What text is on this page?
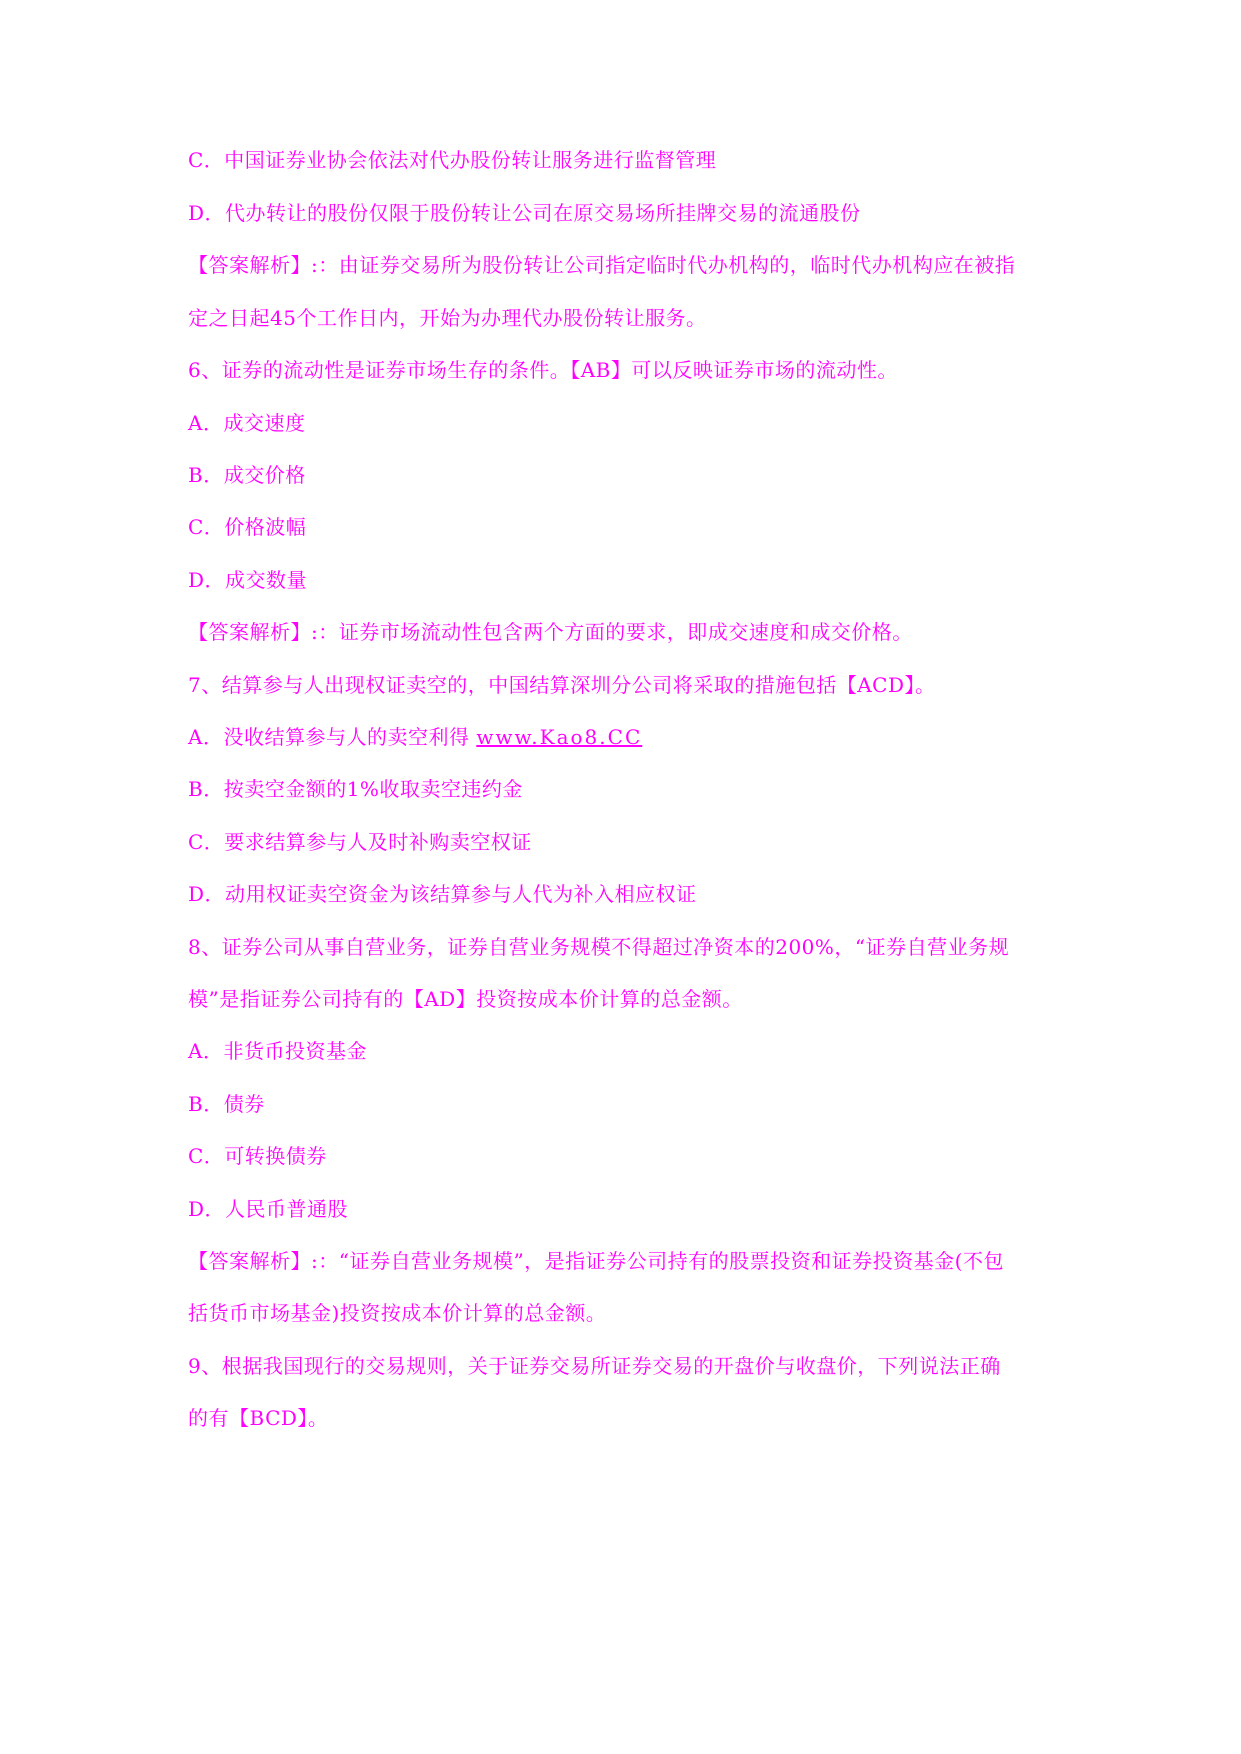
C．中国证券业协会依法对代办股份转让服务进行监督管理
D．代办转让的股份仅限于股份转让公司在原交易场所挂牌交易的流通股份
【答案解析】:：由证券交易所为股份转让公司指定临时代办机构的，临时代办机构应在被指
定之日起45个工作日内，开始为办理代办股份转让服务。
6、证券的流动性是证券市场生存的条件。【AB】可以反映证券市场的流动性。
A．成交速度
B．成交价格
C．价格波幅
D．成交数量
【答案解析】:：证券市场流动性包含两个方面的要求，即成交速度和成交价格。
7、结算参与人出现权证卖空的，中国结算深圳分公司将采取的措施包括【ACD】。
A．没收结算参与人的卖空利得 www.Kao8.CC
B．按卖空金额的1%收取卖空违约金
C．要求结算参与人及时补购卖空权证
D．动用权证卖空资金为该结算参与人代为补入相应权证
8、证券公司从事自营业务，证券自营业务规模不得超过净资本的200%，“证券自营业务规
模”是指证券公司持有的【AD】投资按成本价计算的总金额。
A．非货币投资基金
B．债券
C．可转换债券
D．人民币普通股
【答案解析】:：“证券自营业务规模”，是指证券公司持有的股票投资和证券投资基金(不包
括货币市场基金)投资按成本价计算的总金额。
9、根据我国现行的交易规则，关于证券交易所证券交易的开盘价与收盘价，下列说法正确
的有【BCD】。
